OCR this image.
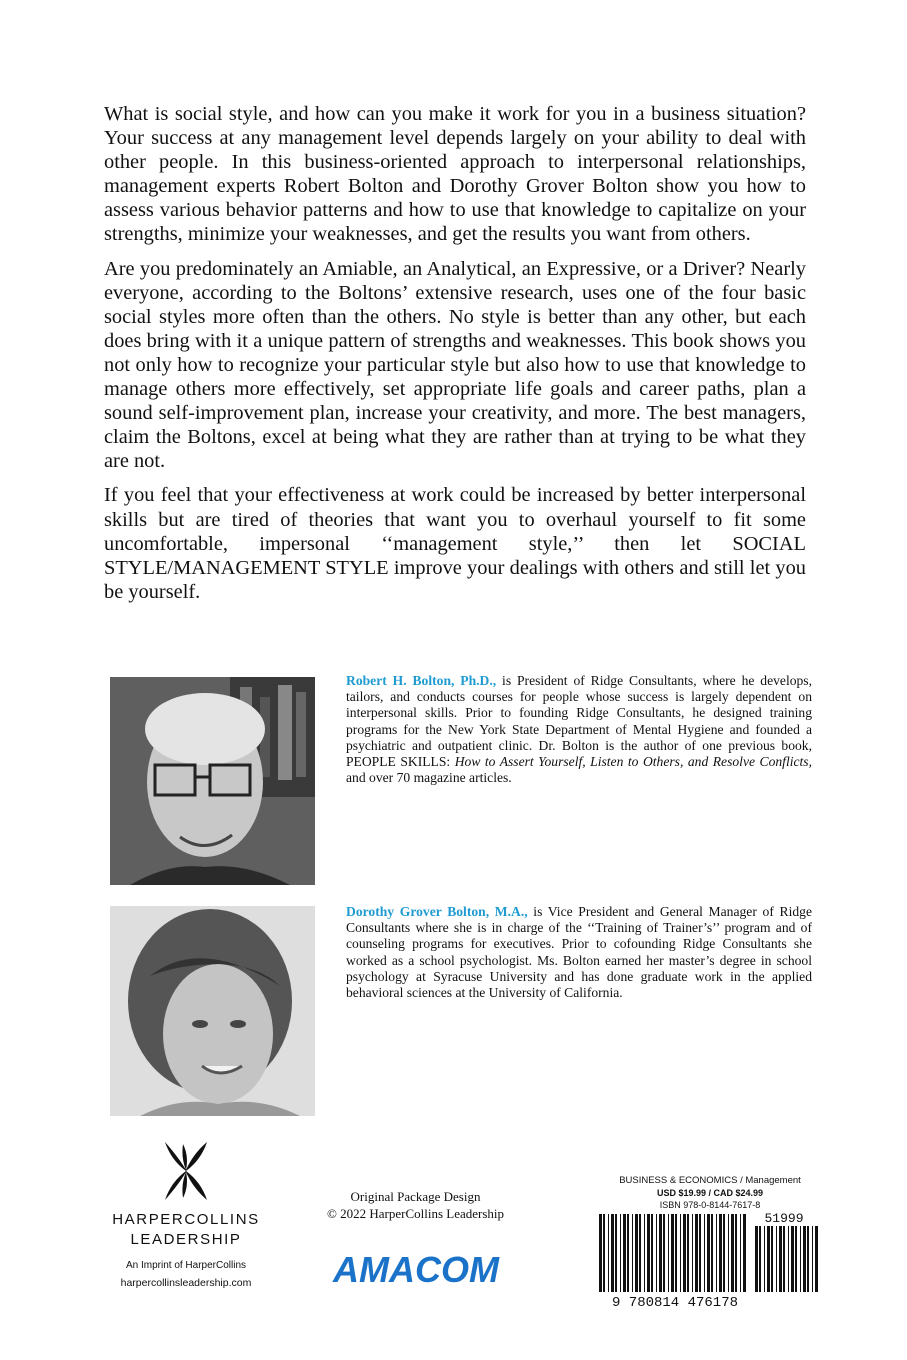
What is social style, and how can you make it work for you in a business situation? Your success at any management level depends largely on your ability to deal with other people. In this business-oriented approach to interpersonal relationships, management experts Robert Bolton and Dorothy Grover Bolton show you how to assess various behavior patterns and how to use that knowledge to capitalize on your strengths, minimize your weaknesses, and get the results you want from others.

Are you predominately an Amiable, an Analytical, an Expressive, or a Driver? Nearly everyone, according to the Boltons’ extensive research, uses one of the four basic social styles more often than the others. No style is better than any other, but each does bring with it a unique pattern of strengths and weaknesses. This book shows you not only how to recognize your particular style but also how to use that knowledge to manage others more effectively, set appropriate life goals and career paths, plan a sound self-improvement plan, increase your creativity, and more. The best managers, claim the Boltons, excel at being what they are rather than at trying to be what they are not.

If you feel that your effectiveness at work could be increased by better interpersonal skills but are tired of theories that want you to overhaul yourself to fit some uncomfortable, impersonal ‘‘management style,’’ then let SOCIAL STYLE/MANAGEMENT STYLE improve your dealings with others and still let you be yourself.

Robert H. Bolton, Ph.D., is President of Ridge Consultants, where he develops, tailors, and conducts courses for people whose success is largely dependent on interpersonal skills. Prior to founding Ridge Consultants, he designed training programs for the New York State Department of Mental Hygiene and founded a psychiatric and outpatient clinic. Dr. Bolton is the author of one previous book, PEOPLE SKILLS: How to Assert Yourself, Listen to Others, and Resolve Conflicts, and over 70 magazine articles.
Dorothy Grover Bolton, M.A., is Vice President and General Manager of Ridge Consultants where she is in charge of the ‘‘Training of Trainer’s’’ program and of counseling programs for executives. Prior to cofounding Ridge Consultants she worked as a school psychologist. Ms. Bolton earned her master’s degree in school psychology at Syracuse University and has done graduate work in the applied behavioral sciences at the University of California.
HARPERCOLLINS
LEADERSHIP
An Imprint of HarperCollins
harpercollinsleadership.com
Original Package Design
© 2022 HarperCollins Leadership
AMACOM
BUSINESS & ECONOMICS / Management
USD $19.99 / CAD $24.99
ISBN 978-0-8144-7617-8
51999
9 780814 476178
